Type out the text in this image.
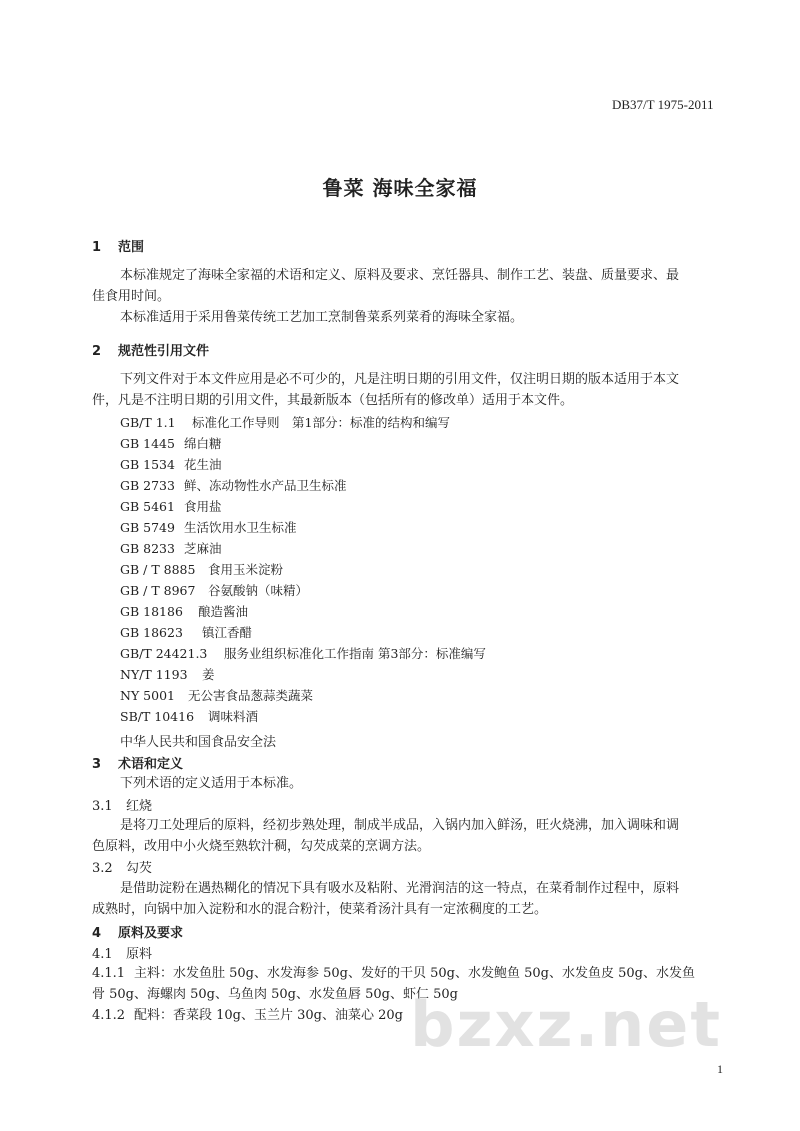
DB37/T 1975-2011
鲁菜 海味全家福
1 范围
本标准规定了海味全家福的术语和定义、原料及要求、烹饪器具、制作工艺、装盘、质量要求、最
佳食用时间。
本标准适用于采用鲁菜传统工艺加工烹制鲁菜系列菜肴的海味全家福。
2 规范性引用文件
下列文件对于本文件应用是必不可少的，凡是注明日期的引用文件，仅注明日期的版本适用于本文
件，凡是不注明日期的引用文件，其最新版本（包括所有的修改单）适用于本文件。
GB/T 1.1 标准化工作导则　第1部分：标准的结构和编写
GB 1445 绵白糖
GB 1534 花生油
GB 2733 鲜、冻动物性水产品卫生标准
GB 5461 食用盐
GB 5749 生活饮用水卫生标准
GB 8233 芝麻油
GB / T 8885 食用玉米淀粉
GB / T 8967 谷氨酸钠（味精）
GB 18186 酿造酱油
GB 18623 镇江香醋
GB/T 24421.3 服务业组织标准化工作指南 第3部分：标准编写
NY/T 1193 姜
NY 5001 无公害食品葱蒜类蔬菜
SB/T 10416 调味料酒
中华人民共和国食品安全法
3 术语和定义
下列术语的定义适用于本标准。
3.1 红烧
是将刀工处理后的原料，经初步熟处理，制成半成品，入锅内加入鲜汤，旺火烧沸，加入调味和调
色原料，改用中小火烧至熟软汁稠，勾芡成菜的烹调方法。
3.2 勾芡
是借助淀粉在遇热糊化的情况下具有吸水及粘附、光滑润洁的这一特点，在菜肴制作过程中，原料
成熟时，向锅中加入淀粉和水的混合粉汁，使菜肴汤汁具有一定浓稠度的工艺。
4 原料及要求
4.1 原料
4.1.1 主料：水发鱼肚 50g、水发海参 50g、发好的干贝 50g、水发鲍鱼 50g、水发鱼皮 50g、水发鱼
骨 50g、海螺肉 50g、乌鱼肉 50g、水发鱼唇 50g、虾仁 50g
4.1.2 配料：香菜段 10g、玉兰片 30g、油菜心 20g bzxz.net
1
